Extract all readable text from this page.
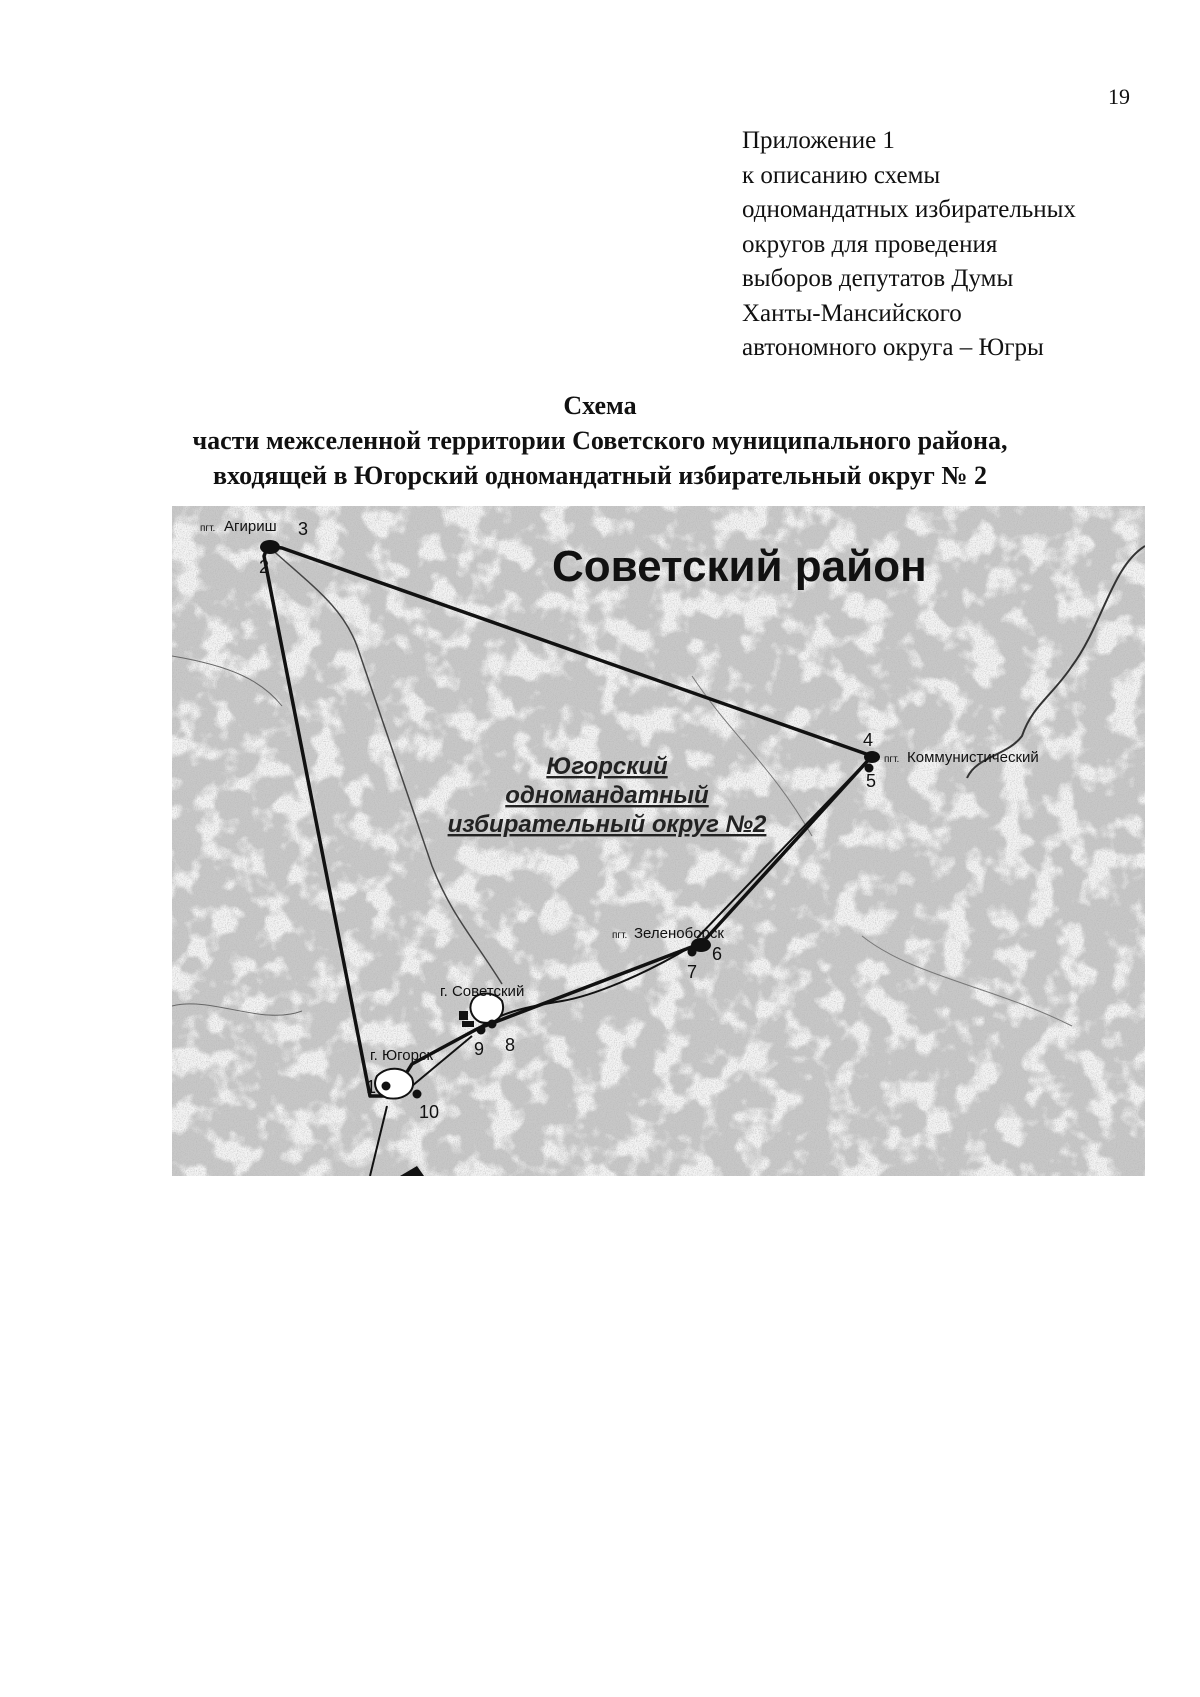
19
Приложение 1
к описанию схемы
одномандатных избирательных
округов для проведения
выборов депутатов Думы
Ханты-Мансийского
автономного округа – Югры
Схема
части межселенной территории Советского муниципального района,
входящей в Югорский одномандатный избирательный округ № 2
Советский район
Югорский
одномандатный
избирательный округ №2
пгт. Агириш
пгт. Коммунистический
пгт. Зеленоборск
г. Советский
г. Югорск
1
2
3
4
5
6
7
8
9
10
